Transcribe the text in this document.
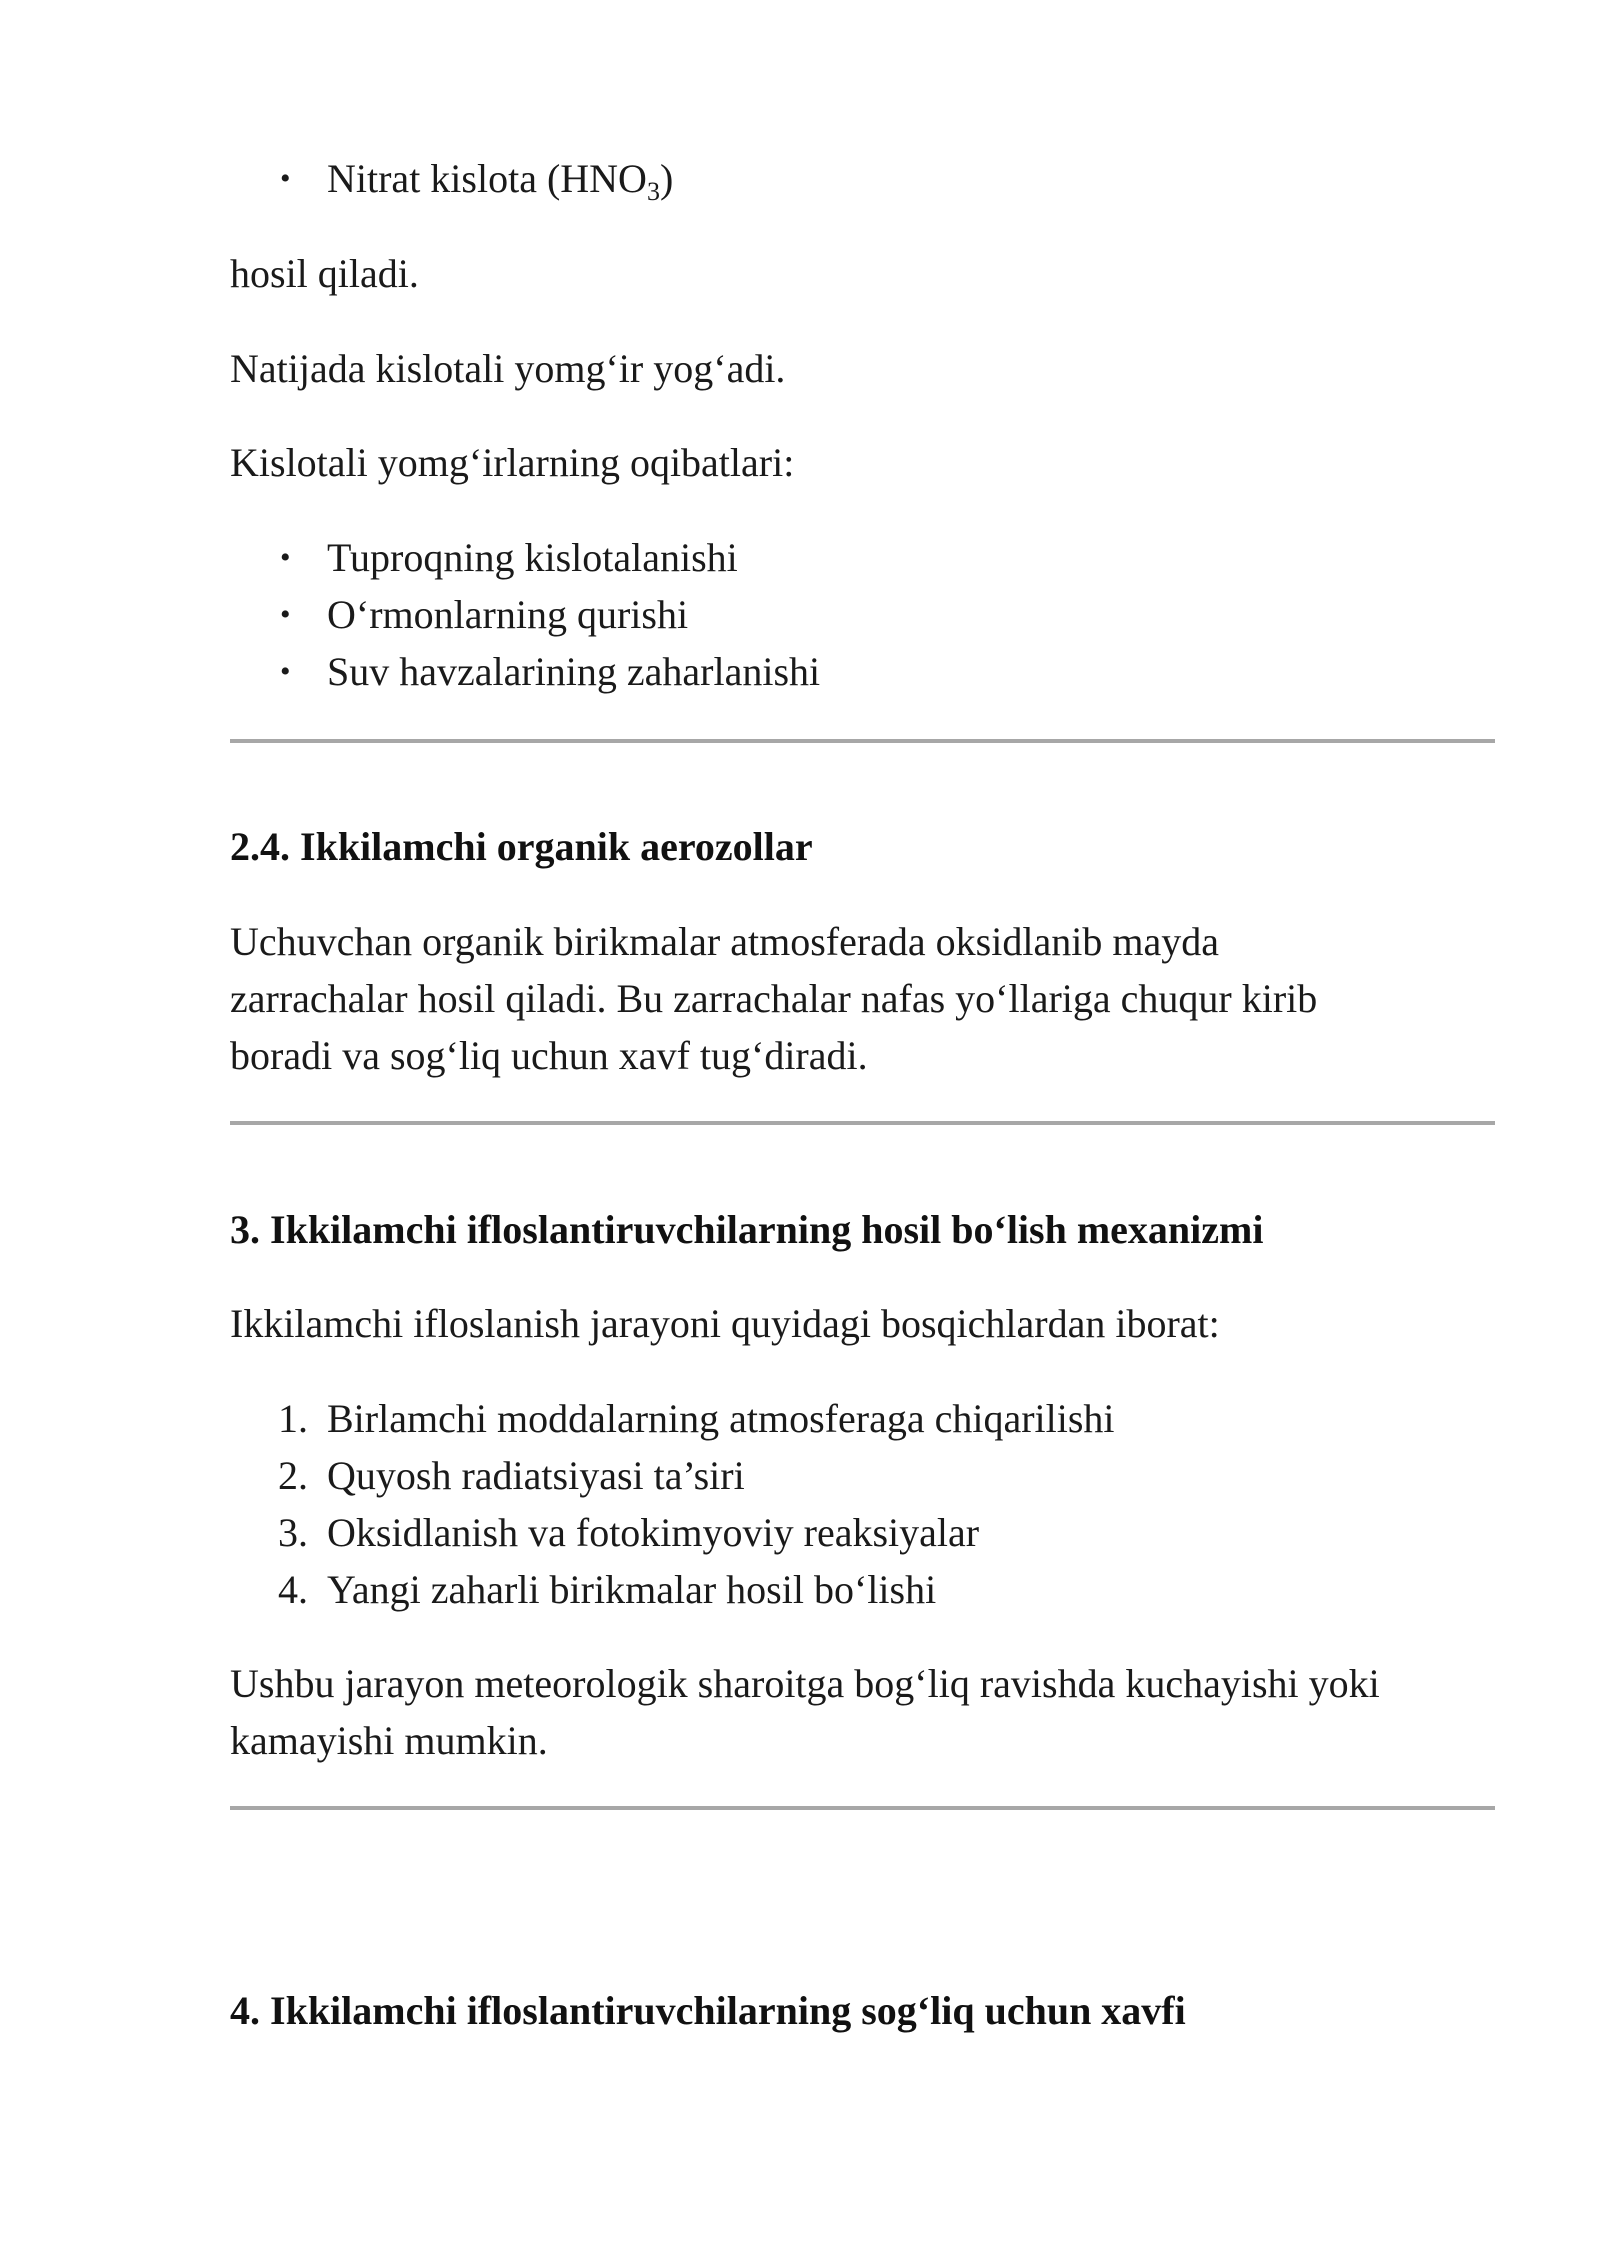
• Nitrat kislota $(HNO_3)$

hosil qiladi.

Natijada kislotali yomg‘ir yog‘adi.

Kislotali yomg‘irlarning oqibatlari:

• Tuproqning kislotalanishi
• O‘rmonlarning qurishi
• Suv havzalarining zaharlanishi
2.4. Ikkilamchi organik aerozollar

Uchuvchan organik birikmalar atmosferada oksidlanib mayda

zarrachalar hosil qiladi. Bu zarrachalar nafas yo‘llariga chuqur kirib

boradi va sog‘liq uchun xavf tug‘diradi.

3. Ikkilamchi ifloslantiruvchilarning hosil bo‘lish mexanizmi

Ikkilamchi ifloslanish jarayoni quyidagi bosqichlardan iborat:

1. Birlamchi moddalarning atmosferaga chiqarilishi
2. Quyosh radiatsiyasi ta’siri
3. Oksidlanish va fotokimyoviy reaksiyalar
4. Yangi zaharli birikmalar hosil bo‘lishi

Ushbu jarayon meteorologik sharoitga bog‘liq ravishda kuchayishi yoki

kamayishi mumkin.

4. Ikkilamchi ifloslantiruvchilarning sog‘liq uchun xavfi
